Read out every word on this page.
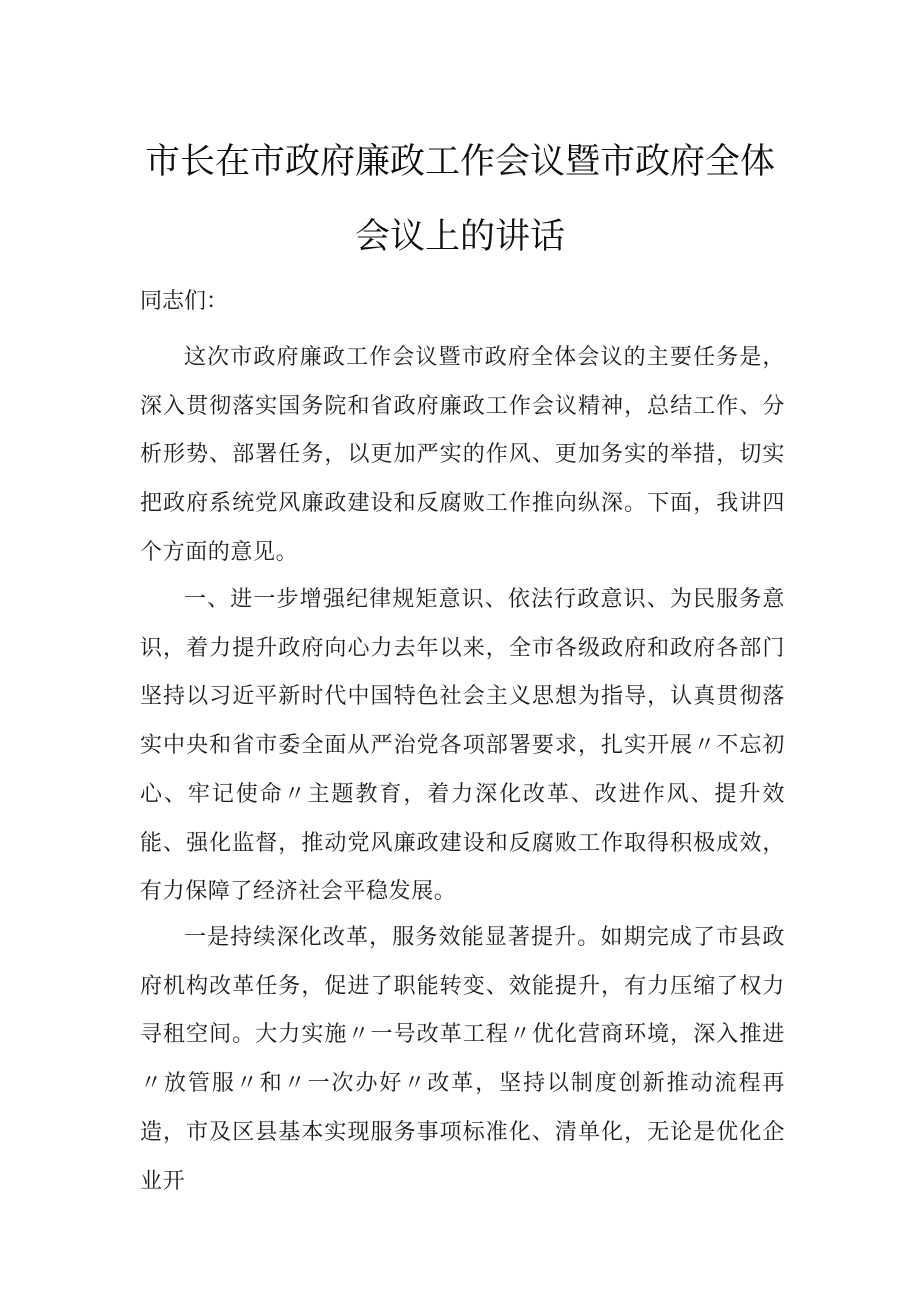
市长在市政府廉政工作会议暨市政府全体
会议上的讲话

同志们：

这次市政府廉政工作会议暨市政府全体会议的主要任务是，深入贯彻落实国务院和省政府廉政工作会议精神，总结工作、分析形势、部署任务，以更加严实的作风、更加务实的举措，切实把政府系统党风廉政建设和反腐败工作推向纵深。下面，我讲四个方面的意见。

一、进一步增强纪律规矩意识、依法行政意识、为民服务意识，着力提升政府向心力去年以来，全市各级政府和政府各部门坚持以习近平新时代中国特色社会主义思想为指导，认真贯彻落实中央和省市委全面从严治党各项部署要求，扎实开展〃不忘初心、牢记使命〃主题教育，着力深化改革、改进作风、提升效能、强化监督，推动党风廉政建设和反腐败工作取得积极成效，有力保障了经济社会平稳发展。

一是持续深化改革，服务效能显著提升。如期完成了市县政府机构改革任务，促进了职能转变、效能提升，有力压缩了权力寻租空间。大力实施〃一号改革工程〃优化营商环境，深入推进〃放管服〃和〃一次办好〃改革，坚持以制度创新推动流程再造，市及区县基本实现服务事项标准化、清单化，无论是优化企业开
